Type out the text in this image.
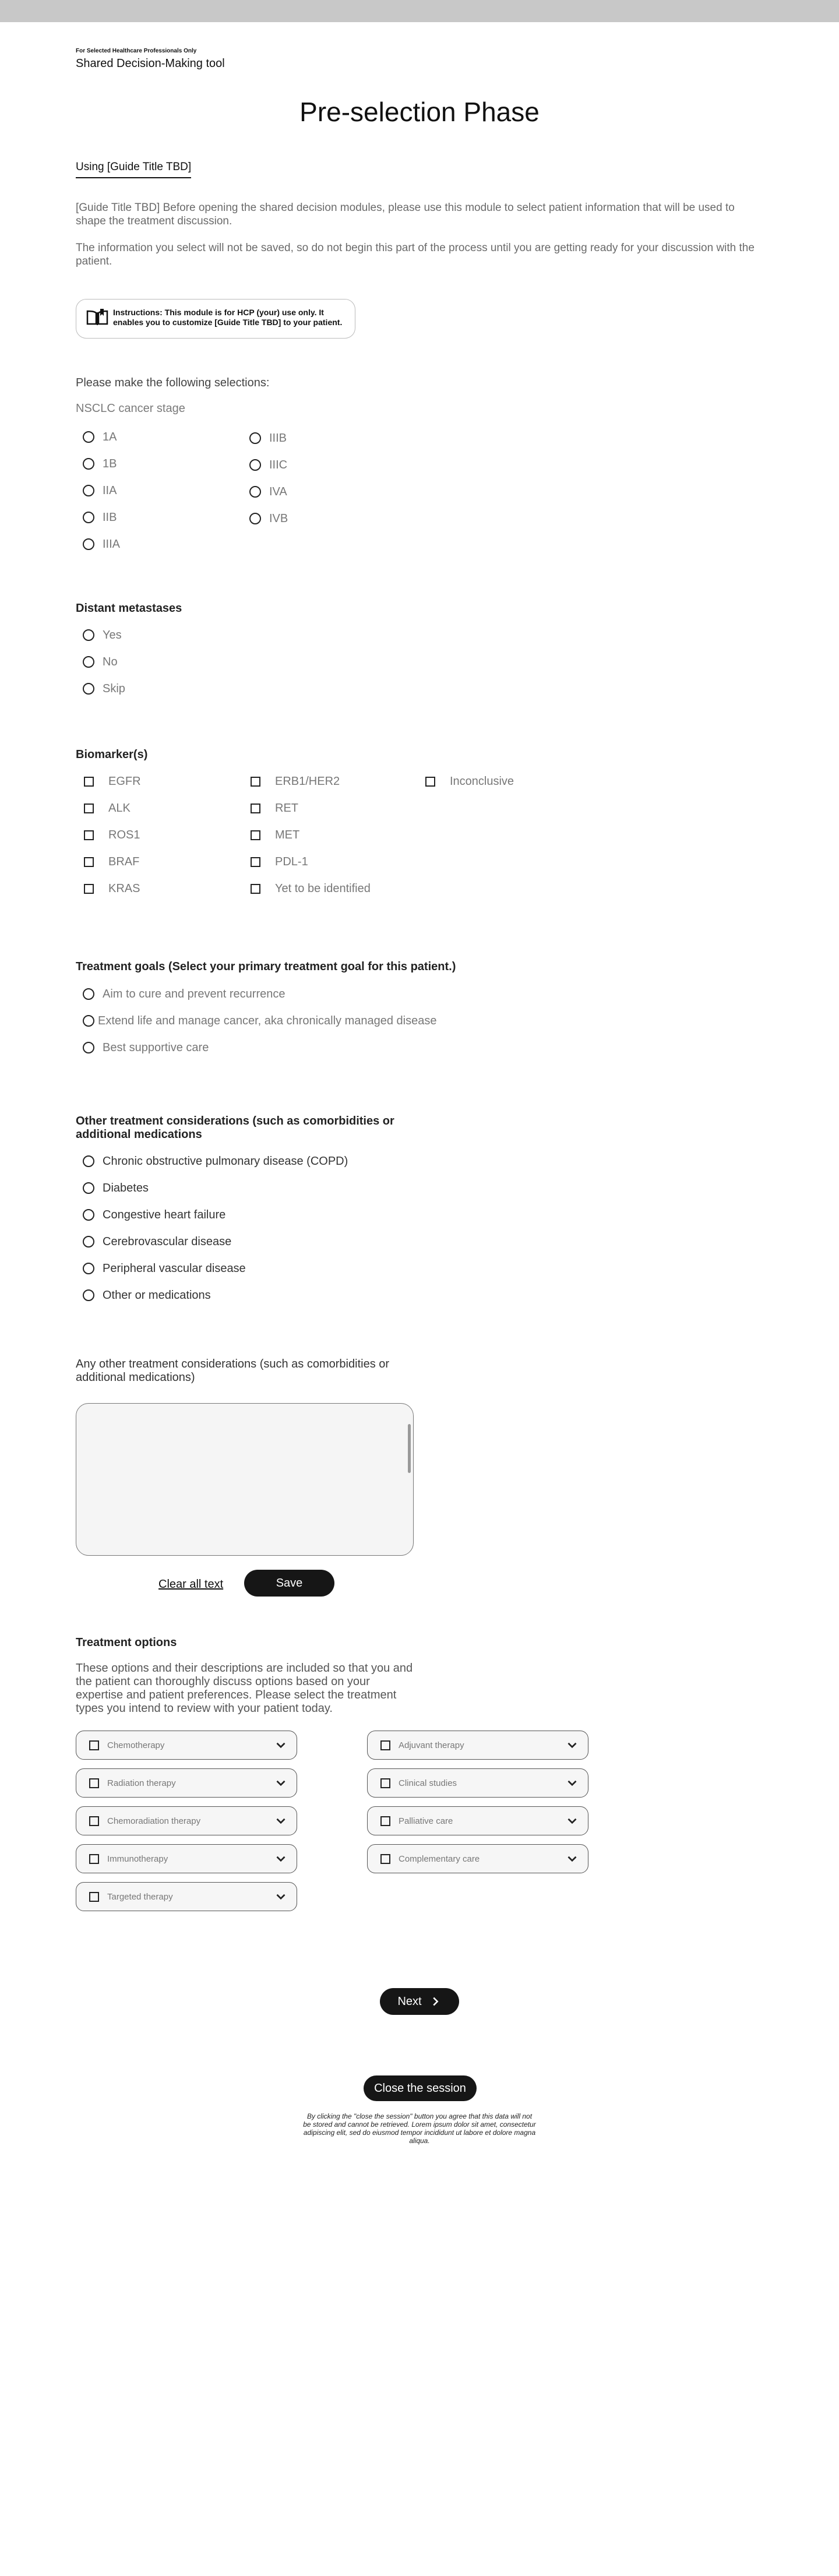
For Selected Healthcare Professionals Only
Shared Decision-Making tool
Pre-selection Phase
Using [Guide Title TBD]

[Guide Title TBD] Before opening the shared decision modules, please use this module to select patient information that will be used to shape the treatment discussion.

The information you select will not be saved, so do not begin this part of the process until you are getting ready for your discussion with the patient.

Instructions: This module is for HCP (your) use only. It enables you to customize [Guide Title TBD] to your patient.
Please make the following selections:
NSCLC cancer stage
1A
1B
IIA
IIB
IIIA
IIIB
IIIC
IVA
IVB
Distant metastases
Yes
No
Skip
Biomarker(s)
EGFR
ALK
ROS1
BRAF
KRAS
ERB1/HER2
RET
MET
PDL-1
Yet to be identified
Inconclusive
Treatment goals (Select your primary treatment goal for this patient.)
Aim to cure and prevent recurrence
Extend life and manage cancer, aka chronically managed disease
Best supportive care
Other treatment considerations (such as comorbidities or additional medications
Chronic obstructive pulmonary disease (COPD)
Diabetes
Congestive heart failure
Cerebrovascular disease
Peripheral vascular disease
Other or medications
Any other treatment considerations (such as comorbidities or additional medications)
Clear all text	Save
Treatment options

These options and their descriptions are included so that you and the patient can thoroughly discuss options based on your expertise and patient preferences. Please select the treatment types you intend to review with your patient today.

Chemotherapy
Radiation therapy
Chemoradiation therapy
Immunotherapy
Targeted therapy
Adjuvant therapy
Clinical studies
Palliative care
Complementary care
Next
Close the session

By clicking the "close the session" button you agree that this data will not be stored and cannot be retrieved. Lorem ipsum dolor sit amet, consectetur adipiscing elit, sed do eiusmod tempor incididunt ut labore et dolore magna aliqua.
